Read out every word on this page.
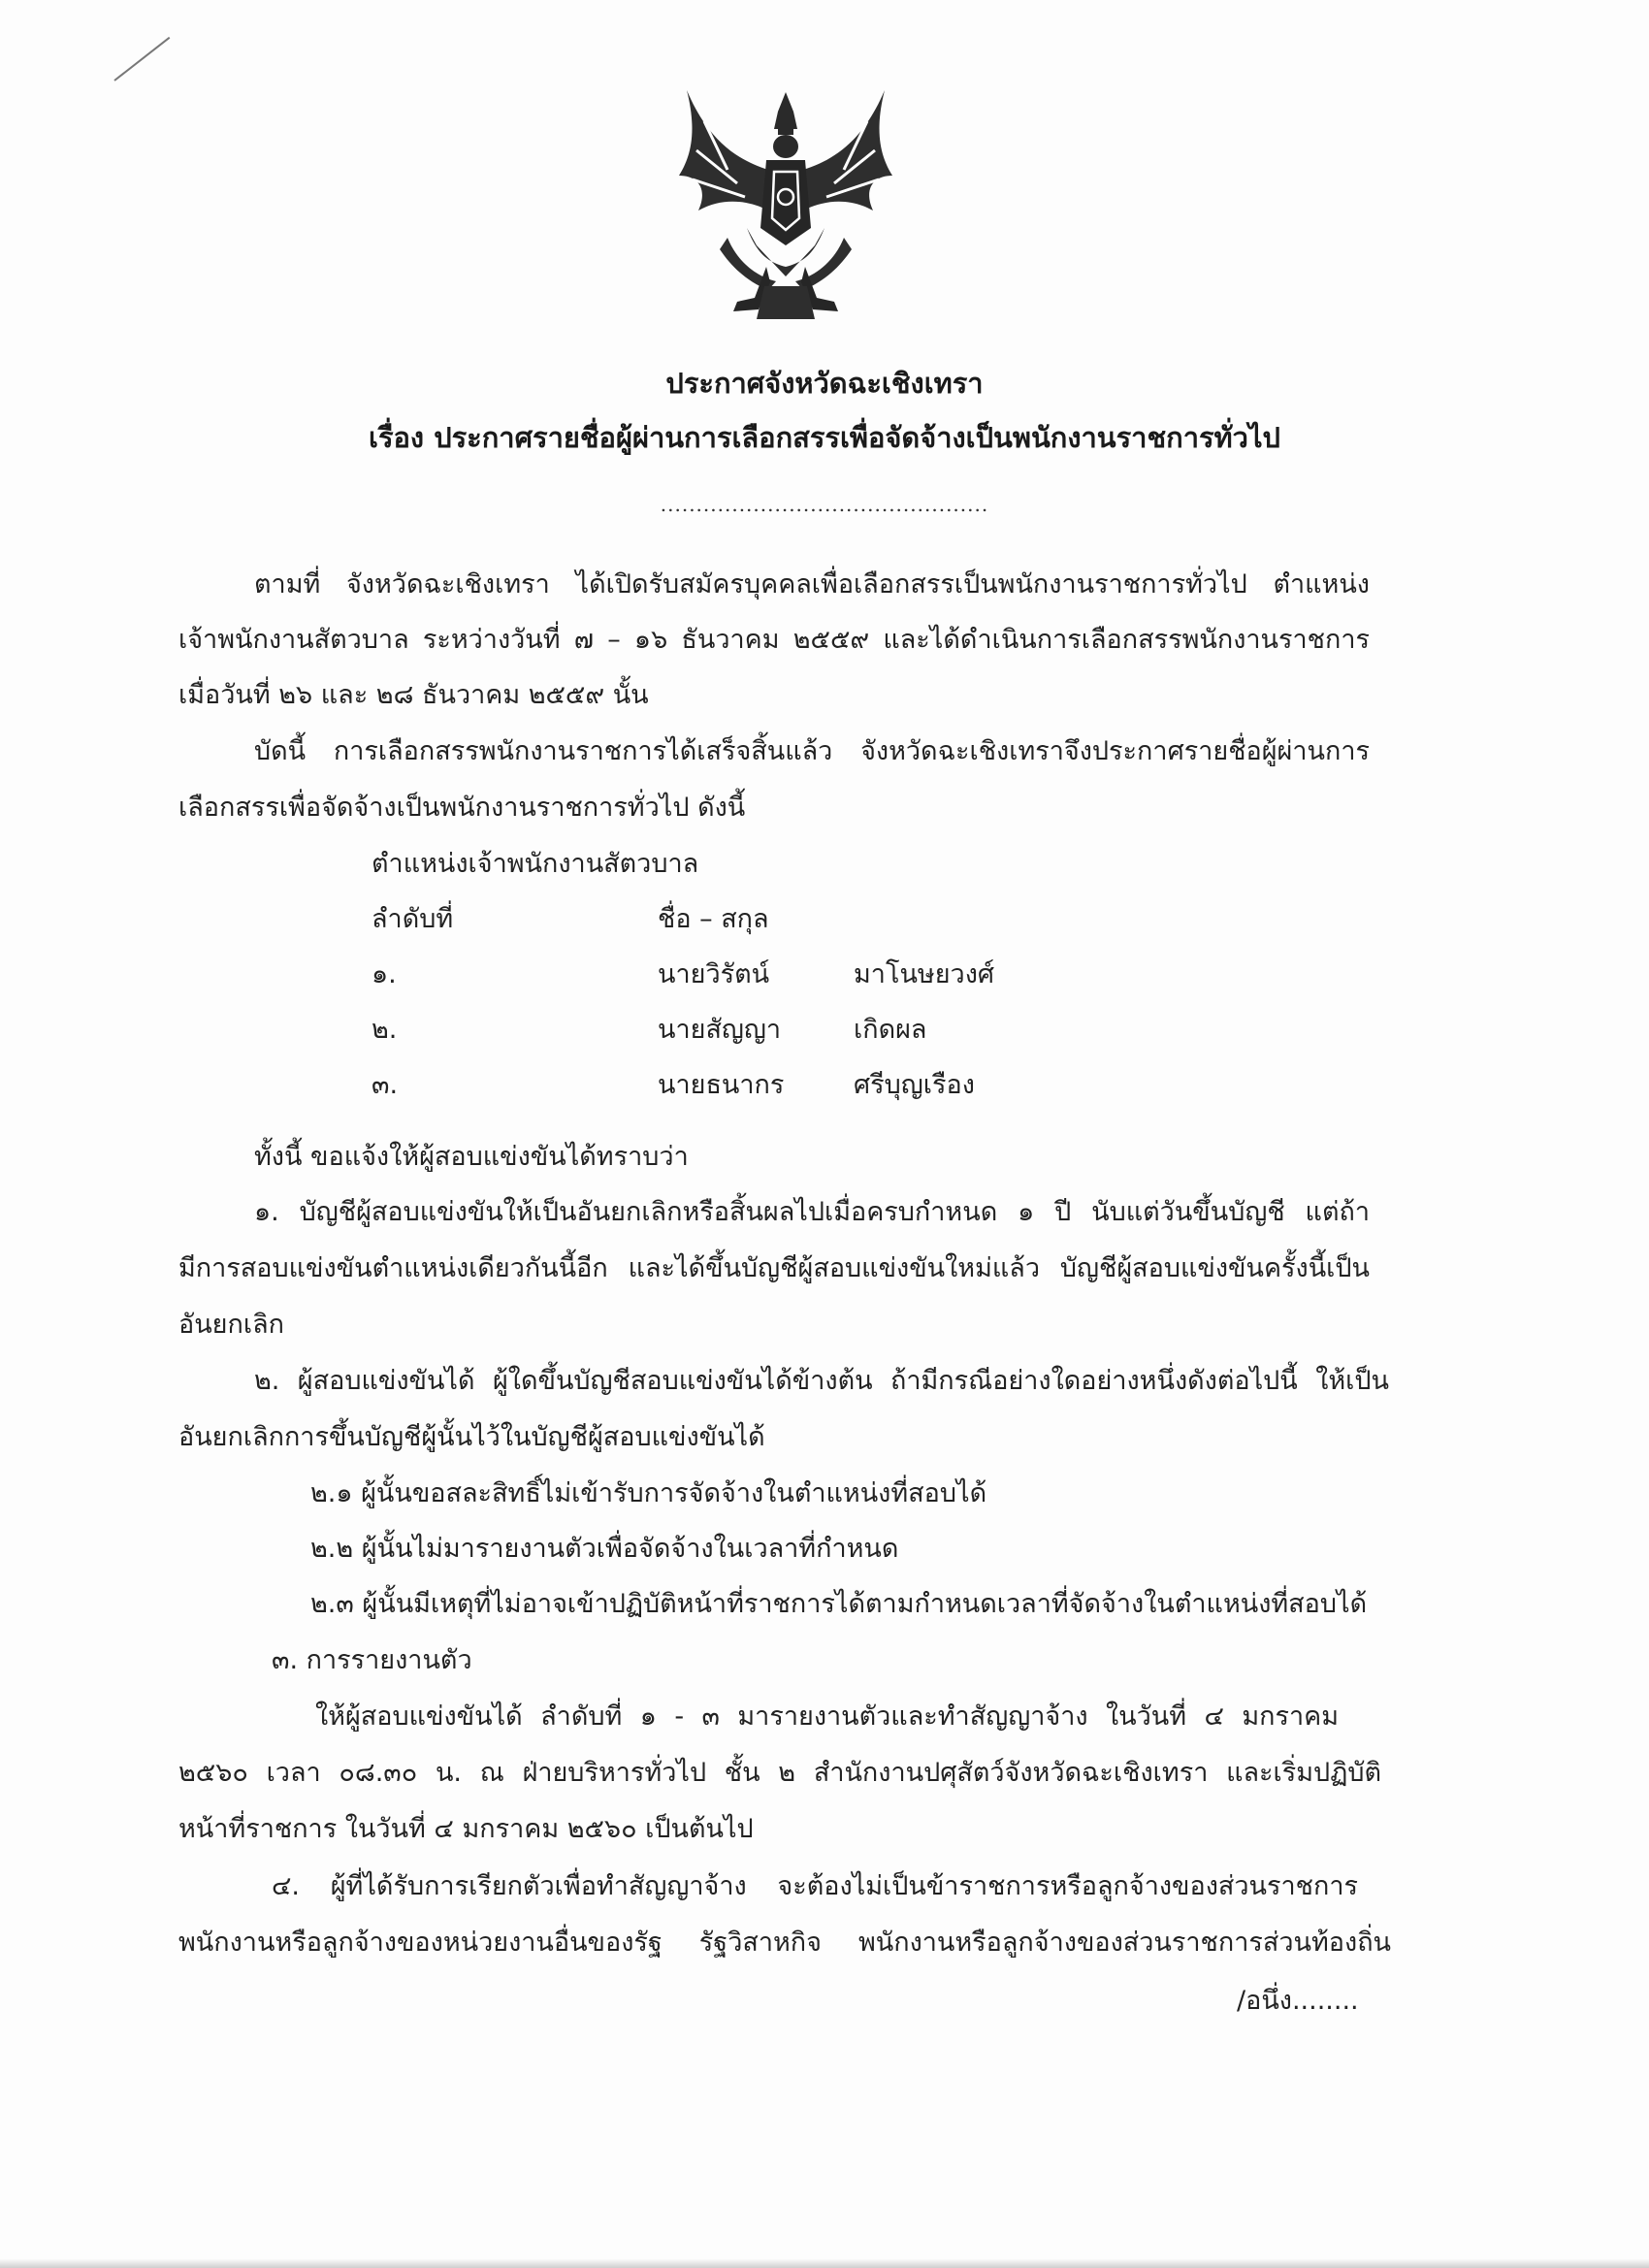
ประกาศจังหวัดฉะเชิงเทรา
เรื่อง ประกาศรายชื่อผู้ผ่านการเลือกสรรเพื่อจัดจ้างเป็นพนักงานราชการทั่วไป
..............................................
ตามที่ จังหวัดฉะเชิงเทรา ได้เปิดรับสมัครบุคคลเพื่อเลือกสรรเป็นพนักงานราชการทั่วไป ตำแหน่ง
เจ้าพนักงานสัตวบาล ระหว่างวันที่ ๗ – ๑๖ ธันวาคม ๒๕๕๙ และได้ดำเนินการเลือกสรรพนักงานราชการ
เมื่อวันที่ ๒๖ และ ๒๘ ธันวาคม ๒๕๕๙ นั้น
บัดนี้ การเลือกสรรพนักงานราชการได้เสร็จสิ้นแล้ว จังหวัดฉะเชิงเทราจึงประกาศรายชื่อผู้ผ่านการ
เลือกสรรเพื่อจัดจ้างเป็นพนักงานราชการทั่วไป ดังนี้
ตำแหน่งเจ้าพนักงานสัตวบาล
ลำดับที่	ชื่อ – สกุล
๑.	นายวิรัตน์	มาโนษยวงศ์
๒.	นายสัญญา	เกิดผล
๓.	นายธนากร	ศรีบุญเรือง
ทั้งนี้ ขอแจ้งให้ผู้สอบแข่งขันได้ทราบว่า
๑. บัญชีผู้สอบแข่งขันให้เป็นอันยกเลิกหรือสิ้นผลไปเมื่อครบกำหนด ๑ ปี นับแต่วันขึ้นบัญชี แต่ถ้า
มีการสอบแข่งขันตำแหน่งเดียวกันนี้อีก และได้ขึ้นบัญชีผู้สอบแข่งขันใหม่แล้ว บัญชีผู้สอบแข่งขันครั้งนี้เป็น
อันยกเลิก
๒. ผู้สอบแข่งขันได้ ผู้ใดขึ้นบัญชีสอบแข่งขันได้ข้างต้น ถ้ามีกรณีอย่างใดอย่างหนึ่งดังต่อไปนี้ ให้เป็น
อันยกเลิกการขึ้นบัญชีผู้นั้นไว้ในบัญชีผู้สอบแข่งขันได้
๒.๑ ผู้นั้นขอสละสิทธิ์ไม่เข้ารับการจัดจ้างในตำแหน่งที่สอบได้
๒.๒ ผู้นั้นไม่มารายงานตัวเพื่อจัดจ้างในเวลาที่กำหนด
๒.๓ ผู้นั้นมีเหตุที่ไม่อาจเข้าปฏิบัติหน้าที่ราชการได้ตามกำหนดเวลาที่จัดจ้างในตำแหน่งที่สอบได้
๓. การรายงานตัว
ให้ผู้สอบแข่งขันได้ ลำดับที่ ๑ - ๓ มารายงานตัวและทำสัญญาจ้าง ในวันที่ ๔ มกราคม
๒๕๖๐ เวลา ๐๘.๓๐ น. ณ ฝ่ายบริหารทั่วไป ชั้น ๒ สำนักงานปศุสัตว์จังหวัดฉะเชิงเทรา และเริ่มปฏิบัติ
หน้าที่ราชการ ในวันที่ ๔ มกราคม ๒๕๖๐ เป็นต้นไป
๔. ผู้ที่ได้รับการเรียกตัวเพื่อทำสัญญาจ้าง จะต้องไม่เป็นข้าราชการหรือลูกจ้างของส่วนราชการ
พนักงานหรือลูกจ้างของหน่วยงานอื่นของรัฐ รัฐวิสาหกิจ พนักงานหรือลูกจ้างของส่วนราชการส่วนท้องถิ่น
/อนึ่ง........
